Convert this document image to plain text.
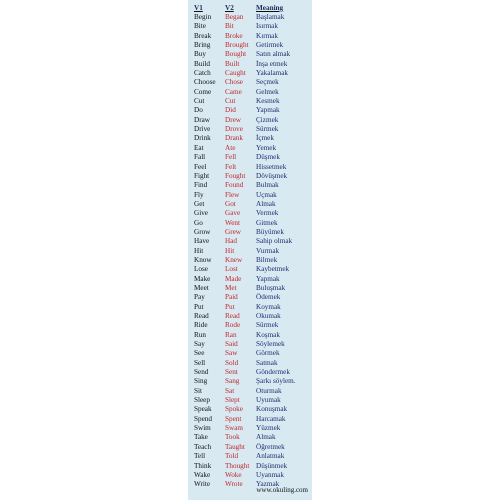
V1	V2	Meaning
Begin	Began	Başlamak
Bite	Bit	Isırmak
Break	Broke	Kırmak
Bring	Brought	Getirmek
Buy	Bought	Satın almak
Build	Built	İnşa etmek
Catch	Caught	Yakalamak
Choose	Chose	Seçmek
Come	Came	Gelmek
Cut	Cut	Kesmek
Do	Did	Yapmak
Draw	Drew	Çizmek
Drive	Drove	Sürmek
Drink	Drank	İçmek
Eat	Ate	Yemek
Fall	Fell	Düşmek
Feel	Felt	Hissetmek
Fight	Fought	Dövüşmek
Find	Found	Bulmak
Fly	Flew	Uçmak
Get	Got	Almak
Give	Gave	Vermek
Go	Went	Gitmek
Grow	Grew	Büyümek
Have	Had	Sahip olmak
Hit	Hit	Vurmak
Know	Knew	Bilmek
Lose	Lost	Kaybetmek
Make	Made	Yapmak
Meet	Met	Buluşmak
Pay	Paid	Ödemek
Put	Put	Koymak
Read	Read	Okumak
Ride	Rode	Sürmek
Run	Ran	Koşmak
Say	Said	Söylemek
See	Saw	Görmek
Sell	Sold	Satmak
Send	Sent	Göndermek
Sing	Sang	Şarkı söylem.
Sit	Sat	Oturmak
Sleep	Slept	Uyumak
Speak	Spoke	Konuşmak
Spend	Spent	Harcamak
Swim	Swam	Yüzmek
Take	Took	Almak
Teach	Taught	Öğretmek
Tell	Told	Anlatmak
Think	Thought Düşünmek
Wake	Woke	Uyanmak
Write	Wrote	Yazmak
www.okuling.com
